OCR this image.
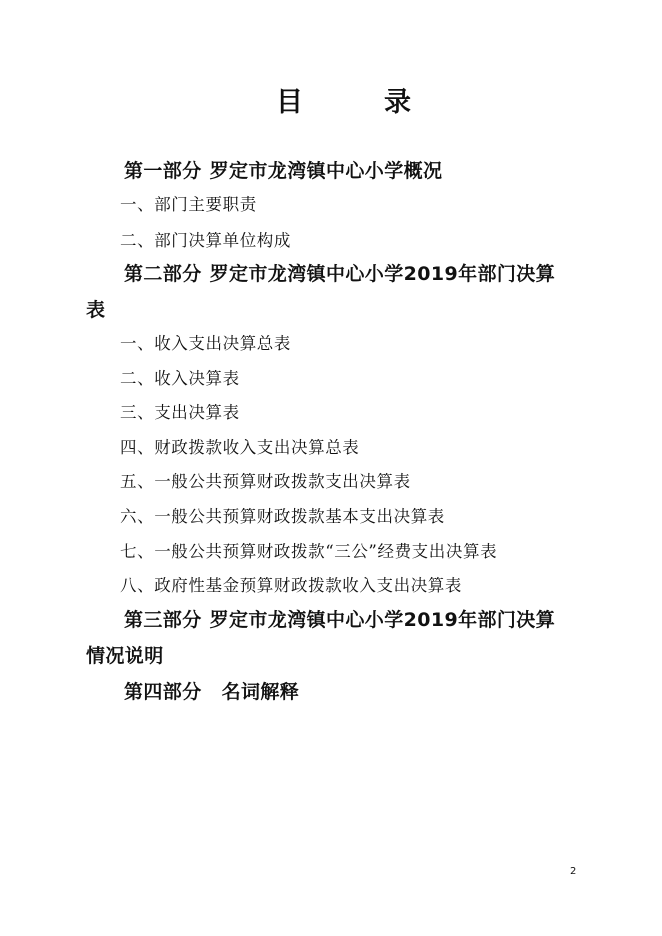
目	录
第一部分 罗定市龙湾镇中心小学概况
一、部门主要职责
二、部门决算单位构成
第二部分 罗定市龙湾镇中心小学2019年部门决算
表
一、收入支出决算总表
二、收入决算表
三、支出决算表
四、财政拨款收入支出决算总表
五、一般公共预算财政拨款支出决算表
六、一般公共预算财政拨款基本支出决算表
七、一般公共预算财政拨款“三公”经费支出决算表
八、政府性基金预算财政拨款收入支出决算表
第三部分 罗定市龙湾镇中心小学2019年部门决算
情况说明
第四部分 名词解释
2
